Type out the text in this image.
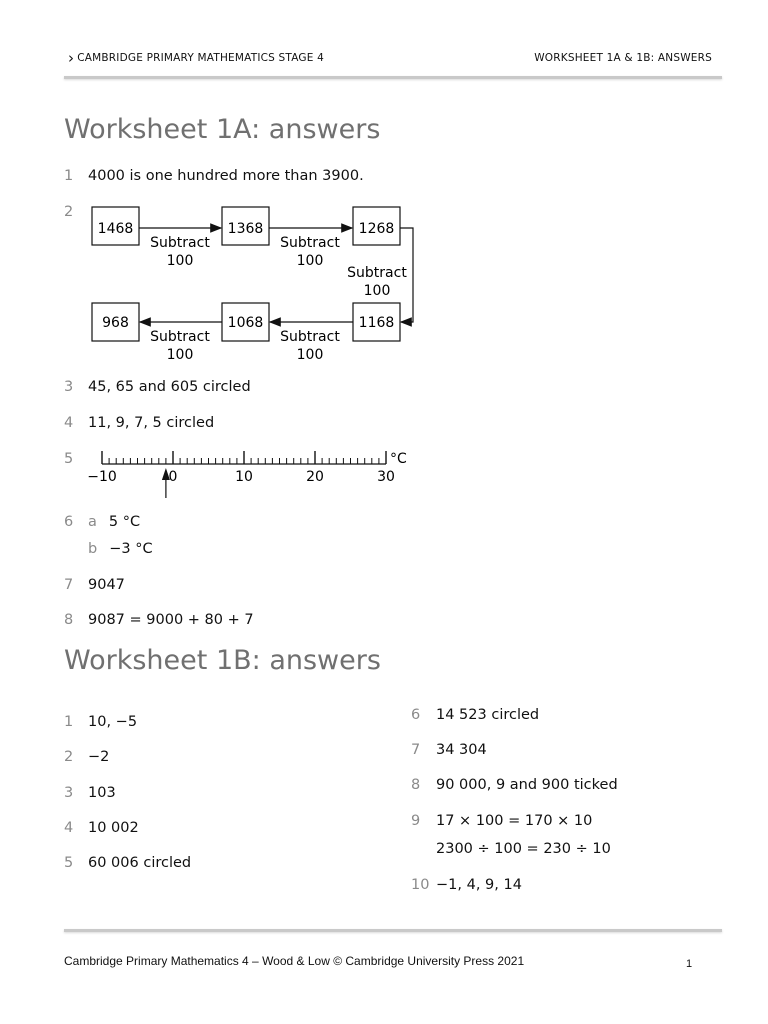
› CAMBRIDGE PRIMARY MATHEMATICS STAGE 4	WORKSHEET 1A & 1B: ANSWERS
Worksheet 1A: answers
1 4000 is one hundred more than 3900.
2
1468	1368	1268
1168
1068
968
Subtract
100
Subtract
100
Subtract
100
Subtract
100
Subtract
100
3 45, 65 and 605 circled
4 11, 9, 7, 5 circled
5
−10	0	10	20	30
°C
6 a 5 °C
b −3 °C
7 9047
8 9087 = 9000 + 80 + 7
Worksheet 1B: answers
1 10, −5
2 −2
3 103
4 10 002
5 60 006 circled
6 14 523 circled
7 34 304
8 90 000, 9 and 900 ticked
9 17 × 100 = 170 × 10
2300 ÷ 100 = 230 ÷ 10
10 −1, 4, 9, 14
Cambridge Primary Mathematics 4 – Wood & Low © Cambridge University Press 2021	1
